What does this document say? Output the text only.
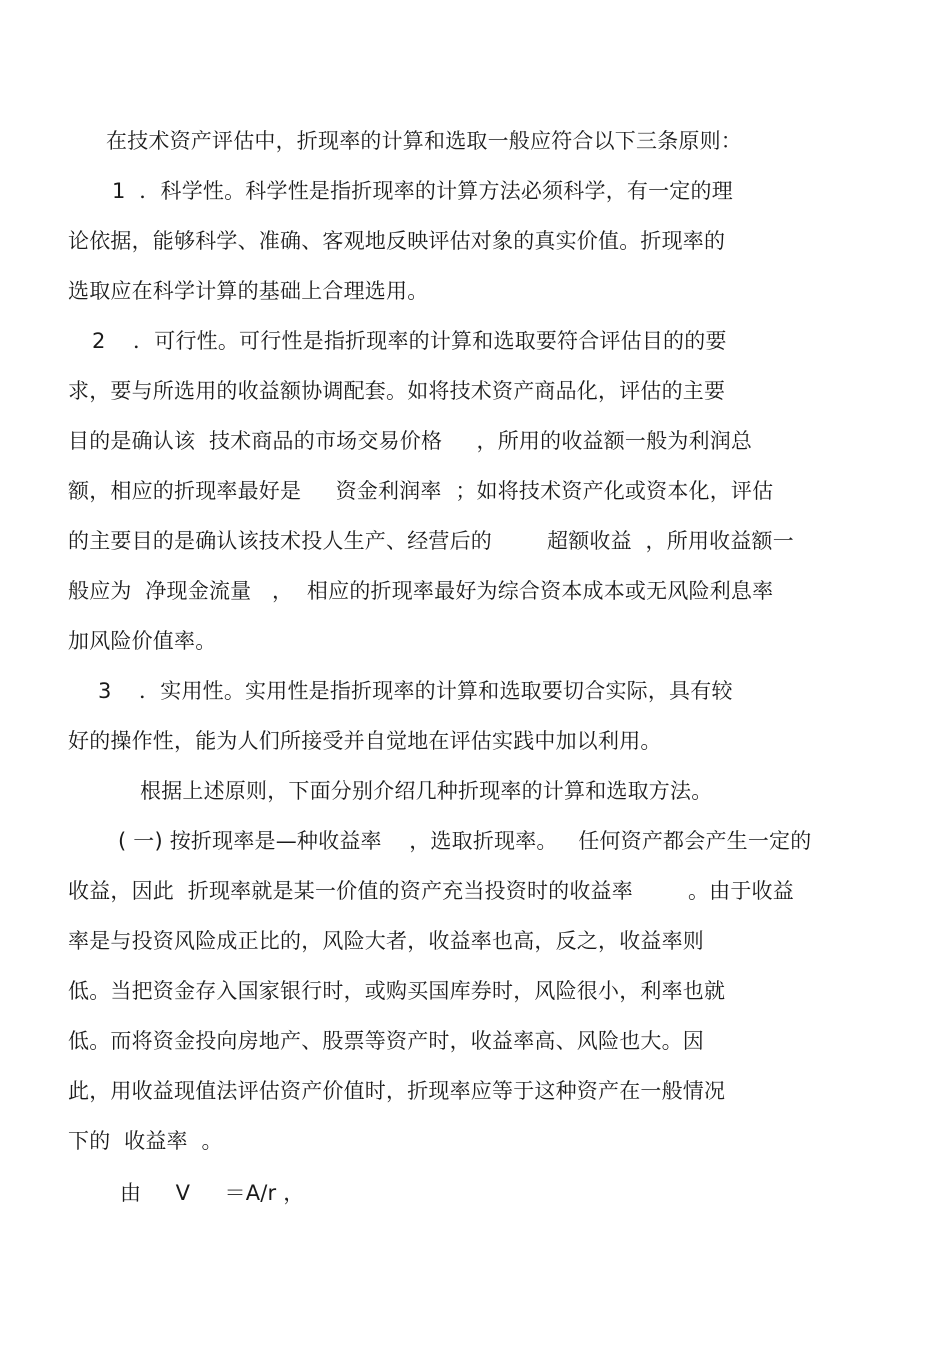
在技术资产评估中，折现率的计算和选取一般应符合以下三条原则：
1  ．科学性。科学性是指折现率的计算方法必须科学，有一定的理
论依据，能够科学、准确、客观地反映评估对象的真实价值。折现率的
选取应在科学计算的基础上合理选用。
2    ．可行性。可行性是指折现率的计算和选取要符合评估目的的要
求，要与所选用的收益额协调配套。如将技术资产商品化，评估的主要
目的是确认该  技术商品的市场交易价格     ，所用的收益额一般为利润总
额，相应的折现率最好是     资金利润率  ；如将技术资产化或资本化，评估
的主要目的是确认该技术投人生产、经营后的        超额收益  ，所用收益额一
般应为  净现金流量   ，  相应的折现率最好为综合资本成本或无风险利息率
加风险价值率。
3    ．实用性。实用性是指折现率的计算和选取要切合实际，具有较
好的操作性，能为人们所接受并自觉地在评估实践中加以利用。
根据上述原则，下面分别介绍几种折现率的计算和选取方法。
( 一) 按折现率是—种收益率    ，选取折现率。   任何资产都会产生一定的
收益，因此  折现率就是某一价值的资产充当投资时的收益率        。由于收益
率是与投资风险成正比的，风险大者，收益率也高，反之，收益率则
低。当把资金存入国家银行时，或购买国库券时，风险很小，利率也就
低。而将资金投向房地产、股票等资产时，收益率高、风险也大。因
此，用收益现值法评估资产价值时，折现率应等于这种资产在一般情况
下的  收益率  。
由     V     ＝A/r ，
